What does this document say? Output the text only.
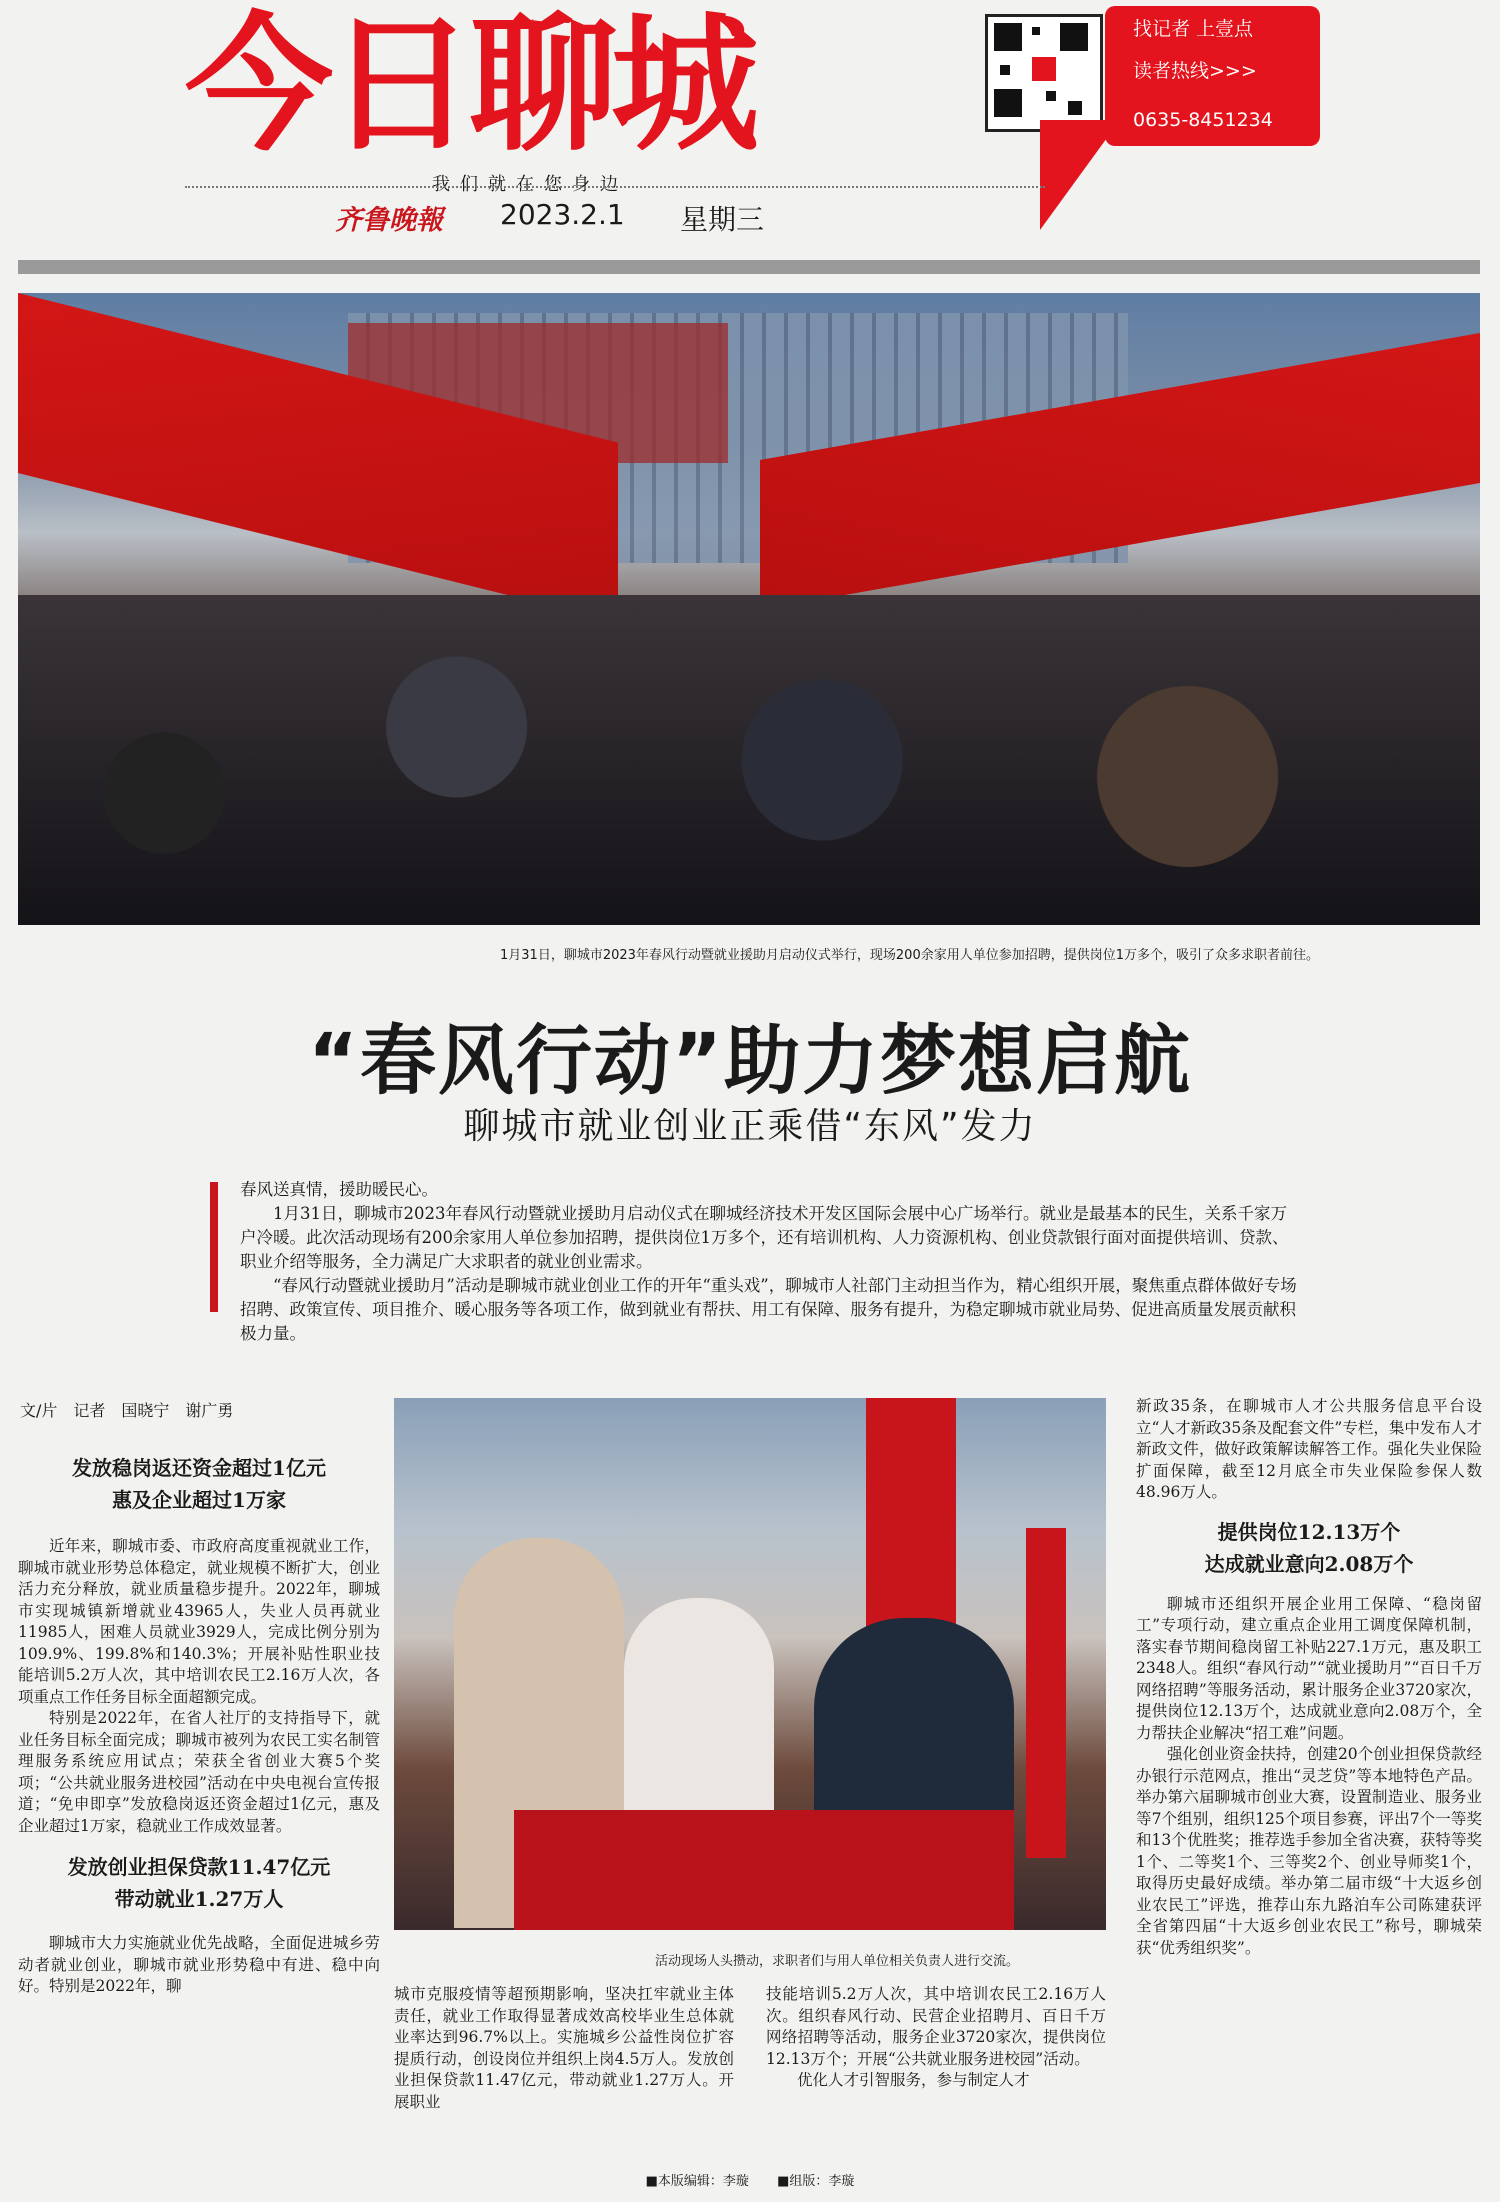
今日聊城	找记者 上壹点
读者热线>>>
0635-8451234
我们就在您身边
齐鲁晚報 2023.2.1 星期三
1月31日，聊城市2023年春风行动暨就业援助月启动仪式举行，现场200余家用人单位参加招聘，提供岗位1万多个，吸引了众多求职者前往。
“春风行动”助力梦想启航
聊城市就业创业正乘借“东风”发力

春风送真情，援助暖民心。

1月31日，聊城市2023年春风行动暨就业援助月启动仪式在聊城经济技术开发区国际会展中心广场举行。就业是最基本的民生，关系千家万户冷暖。此次活动现场有200余家用人单位参加招聘，提供岗位1万多个，还有培训机构、人力资源机构、创业贷款银行面对面提供培训、贷款、职业介绍等服务，全力满足广大求职者的就业创业需求。

“春风行动暨就业援助月”活动是聊城市就业创业工作的开年“重头戏”，聊城市人社部门主动担当作为，精心组织开展，聚焦重点群体做好专场招聘、政策宣传、项目推介、暖心服务等各项工作，做到就业有帮扶、用工有保障、服务有提升，为稳定聊城市就业局势、促进高质量发展贡献积极力量。

文/片　记者　国晓宁　谢广勇
发放稳岗返还资金超过1亿元
惠及企业超过1万家

近年来，聊城市委、市政府高度重视就业工作，聊城市就业形势总体稳定，就业规模不断扩大，创业活力充分释放，就业质量稳步提升。2022年，聊城市实现城镇新增就业43965人，失业人员再就业11985人，困难人员就业3929人，完成比例分别为109.9%、199.8%和140.3%；开展补贴性职业技能培训5.2万人次，其中培训农民工2.16万人次，各项重点工作任务目标全面超额完成。

特别是2022年，在省人社厅的支持指导下，就业任务目标全面完成；聊城市被列为农民工实名制管理服务系统应用试点；荣获全省创业大赛5个奖项；“公共就业服务进校园”活动在中央电视台宣传报道；“免申即享”发放稳岗返还资金超过1亿元，惠及企业超过1万家，稳就业工作成效显著。

发放创业担保贷款11.47亿元
带动就业1.27万人

聊城市大力实施就业优先战略，全面促进城乡劳动者就业创业，聊城市就业形势稳中有进、稳中向好。特别是2022年，聊

活动现场人头攒动，求职者们与用人单位相关负责人进行交流。

城市克服疫情等超预期影响，坚决扛牢就业主体责任，就业工作取得显著成效高校毕业生总体就业率达到96.7%以上。实施城乡公益性岗位扩容提质行动，创设岗位并组织上岗4.5万人。发放创业担保贷款11.47亿元，带动就业1.27万人。开展职业

技能培训5.2万人次，其中培训农民工2.16万人次。组织春风行动、民营企业招聘月、百日千万网络招聘等活动，服务企业3720家次，提供岗位12.13万个；开展“公共就业服务进校园”活动。

优化人才引智服务，参与制定人才

新政35条，在聊城市人才公共服务信息平台设立“人才新政35条及配套文件”专栏，集中发布人才新政文件，做好政策解读解答工作。强化失业保险扩面保障，截至12月底全市失业保险参保人数48.96万人。

提供岗位12.13万个
达成就业意向2.08万个

聊城市还组织开展企业用工保障、“稳岗留工”专项行动，建立重点企业用工调度保障机制，落实春节期间稳岗留工补贴227.1万元，惠及职工2348人。组织“春风行动”“就业援助月”“百日千万网络招聘”等服务活动，累计服务企业3720家次，提供岗位12.13万个，达成就业意向2.08万个，全力帮扶企业解决“招工难”问题。

强化创业资金扶持，创建20个创业担保贷款经办银行示范网点，推出“灵芝贷”等本地特色产品。举办第六届聊城市创业大赛，设置制造业、服务业等7个组别，组织125个项目参赛，评出7个一等奖和13个优胜奖；推荐选手参加全省决赛，获特等奖1个、二等奖1个、三等奖2个、创业导师奖1个，取得历史最好成绩。举办第二届市级“十大返乡创业农民工”评选，推荐山东九路泊车公司陈建获评全省第四届“十大返乡创业农民工”称号，聊城荣获“优秀组织奖”。

■本版编辑：李璇 ■组版：李璇
